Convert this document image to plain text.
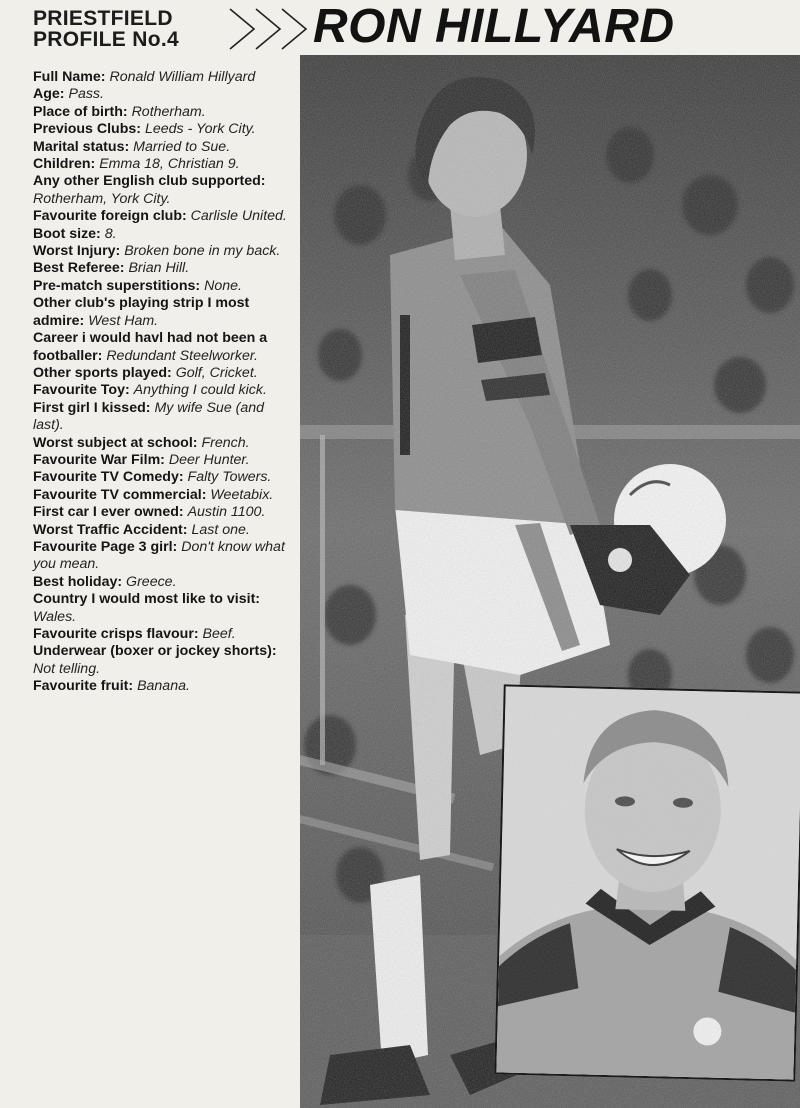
PRIESTFIELD
PROFILE No.4	RON HILLYARD

Full Name: Ronald William Hillyard

Age: Pass.

Place of birth: Rotherham.

Previous Clubs: Leeds - York City.

Marital status: Married to Sue.

Children: Emma 18, Christian 9.

Any other English club supported: Rotherham, York City.

Favourite foreign club: Carlisle United.

Boot size: 8.

Worst Injury: Broken bone in my back.

Best Referee: Brian Hill.

Pre-match superstitions: None.

Other club's playing strip I most admire: West Ham.

Career i would havl had not been a footballer: Redundant Steelworker.

Other sports played: Golf, Cricket.

Favourite Toy: Anything I could kick.

First girl I kissed: My wife Sue (and last).

Worst subject at school: French.

Favourite War Film: Deer Hunter.

Favourite TV Comedy: Falty Towers.

Favourite TV commercial: Weetabix.

First car I ever owned: Austin 1100.

Worst Traffic Accident: Last one.

Favourite Page 3 girl: Don't know what you mean.

Best holiday: Greece.

Country I would most like to visit: Wales.

Favourite crisps flavour: Beef.

Underwear (boxer or jockey shorts): Not telling.

Favourite fruit: Banana.
